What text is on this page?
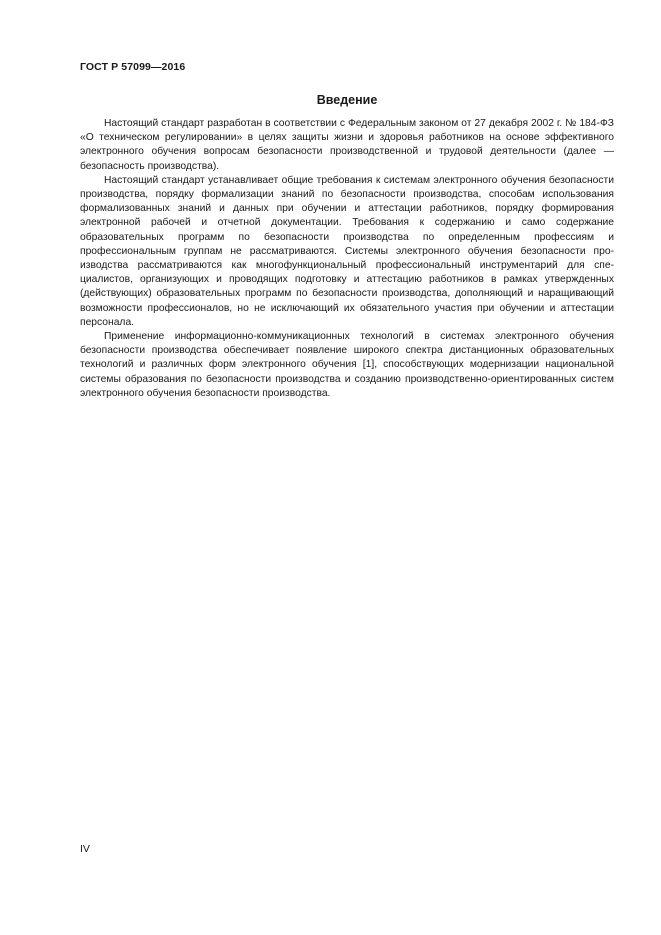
ГОСТ Р 57099—2016
Введение

Настоящий стандарт разработан в соответствии с Федеральным законом от 27 декабря 2002 г. № 184-ФЗ «О техническом регулировании» в целях защиты жизни и здоровья работников на основе эффективного электронного обучения вопросам безопасности производственной и трудовой деятельности (далее — безопасность производства).

Настоящий стандарт устанавливает общие требования к системам электронного обучения безопасности производства, порядку формализации знаний по безопасности производства, способам использования формализованных знаний и данных при обучении и аттестации работников, порядку формирования электронной рабочей и отчетной документации. Требования к содержанию и само содержание образовательных программ по безопасности производства по определенным профессиям и профессиональным группам не рассматриваются. Системы электронного обучения безопасности производства рассматриваются как многофункциональный профессиональный инструментарий для специалистов, организующих и проводящих подготовку и аттестацию работников в рамках утвержденных (действующих) образовательных программ по безопасности производства, дополняющий и наращивающий возможности профессионалов, но не исключающий их обязательного участия при обучении и аттестации персонала.

Применение информационно-коммуникационных технологий в системах электронного обучения безопасности производства обеспечивает появление широкого спектра дистанционных образовательных технологий и различных форм электронного обучения [1], способствующих модернизации национальной системы образования по безопасности производства и созданию производственно-ориентированных систем электронного обучения безопасности производства.

IV
